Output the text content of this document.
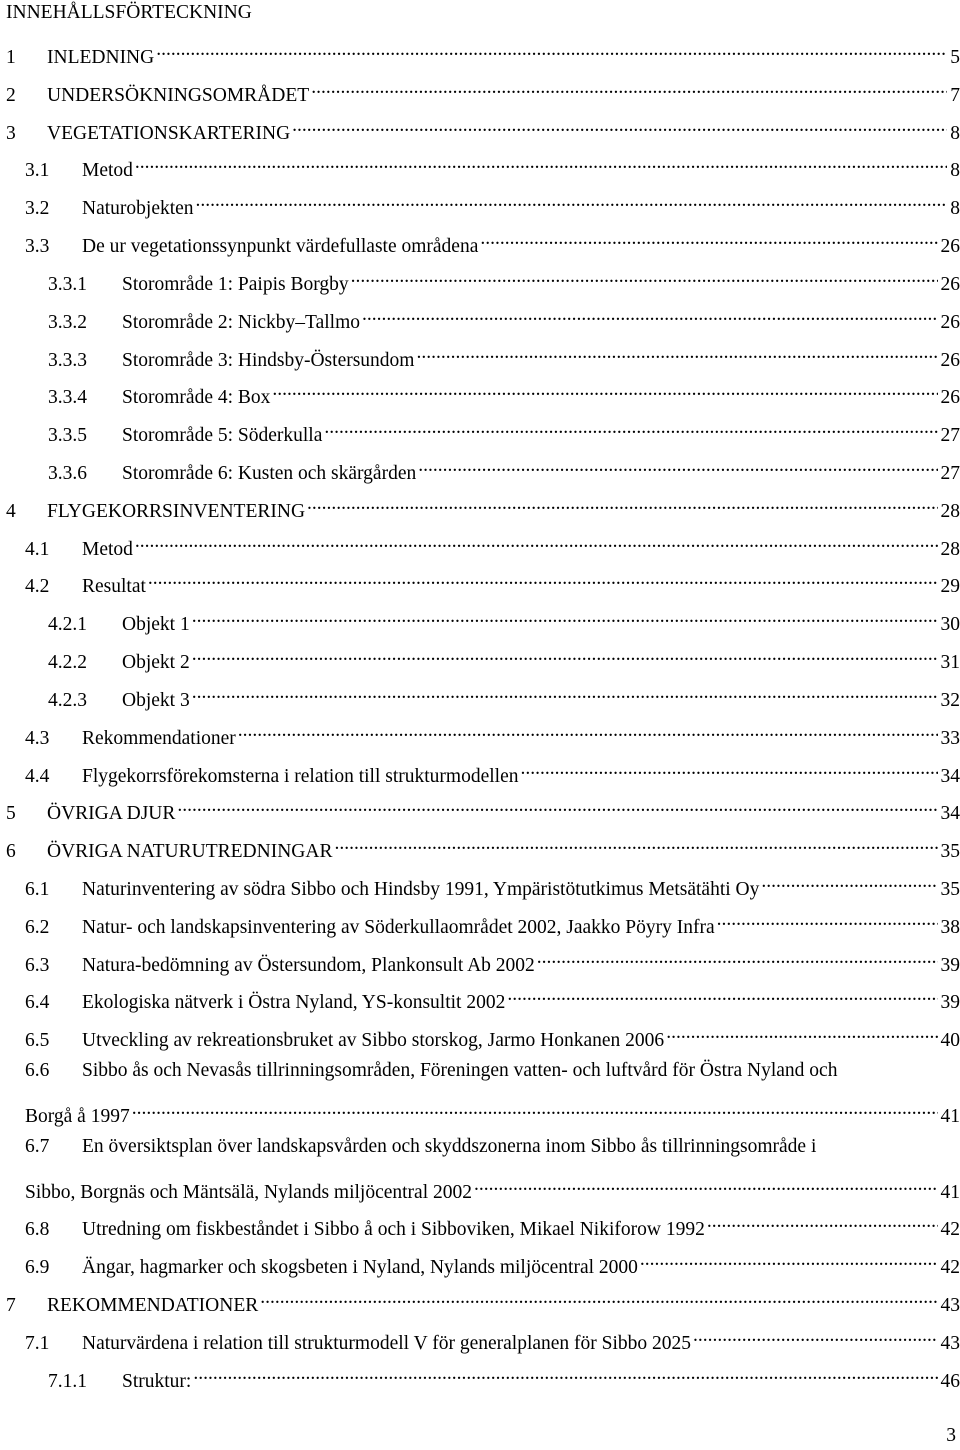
INNEHÅLLSFÖRTECKNING
1	INLEDNING .....	5
2	UNDERSÖKNINGSOMRÅDET .....	7
3	VEGETATIONSKARTERING .....	8
3.1	Metod .....	8
3.2	Naturobjekten .....	8
3.3	De ur vegetationssynpunkt värdefullaste områdena .....	26
3.3.1	Storområde 1: Paipis Borgby .....	26
3.3.2	Storområde 2: Nickby–Tallmo .....	26
3.3.3	Storområde 3: Hindsby-Östersundom .....	26
3.3.4	Storområde 4: Box .....	26
3.3.5	Storområde 5: Söderkulla .....	27
3.3.6	Storområde 6: Kusten och skärgården .....	27
4	FLYGEKORRSINVENTERING .....	28
4.1	Metod .....	28
4.2	Resultat .....	29
4.2.1	Objekt 1 .....	30
4.2.2	Objekt 2 .....	31
4.2.3	Objekt 3 .....	32
4.3	Rekommendationer .....	33
4.4	Flygekorrsförekomsterna i relation till strukturmodellen .....	34
5	ÖVRIGA DJUR .....	34
6	ÖVRIGA NATURUTREDNINGAR .....	35
6.1	Naturinventering av södra Sibbo och Hindsby 1991, Ympäristötutkimus Metsätähti Oy .....	35
6.2	Natur- och landskapsinventering av Söderkullaområdet 2002, Jaakko Pöyry Infra .....	38
6.3	Natura-bedömning av Östersundom, Plankonsult Ab 2002 .....	39
6.4	Ekologiska nätverk i Östra Nyland, YS-konsultit 2002 .....	39
6.5	Utveckling av rekreationsbruket av Sibbo storskog, Jarmo Honkanen 2006 .....	40
6.6 Sibbo ås och Nevasås tillrinningsområden, Föreningen vatten- och luftvård för Östra Nyland och
Borgå å 1997 .....	41
6.7 En översiktsplan över landskapsvården och skyddszonerna inom Sibbo ås tillrinningsområde i
Sibbo, Borgnäs och Mäntsälä, Nylands miljöcentral 2002 .....	41
6.8	Utredning om fiskbeståndet i Sibbo å och i Sibboviken, Mikael Nikiforow 1992 .....	42
6.9	Ängar, hagmarker och skogsbeten i Nyland, Nylands miljöcentral 2000 .....	42
7	REKOMMENDATIONER .....	43
7.1	Naturvärdena i relation till strukturmodell V för generalplanen för Sibbo 2025 .....	43
7.1.1	Struktur: .....	46
3
